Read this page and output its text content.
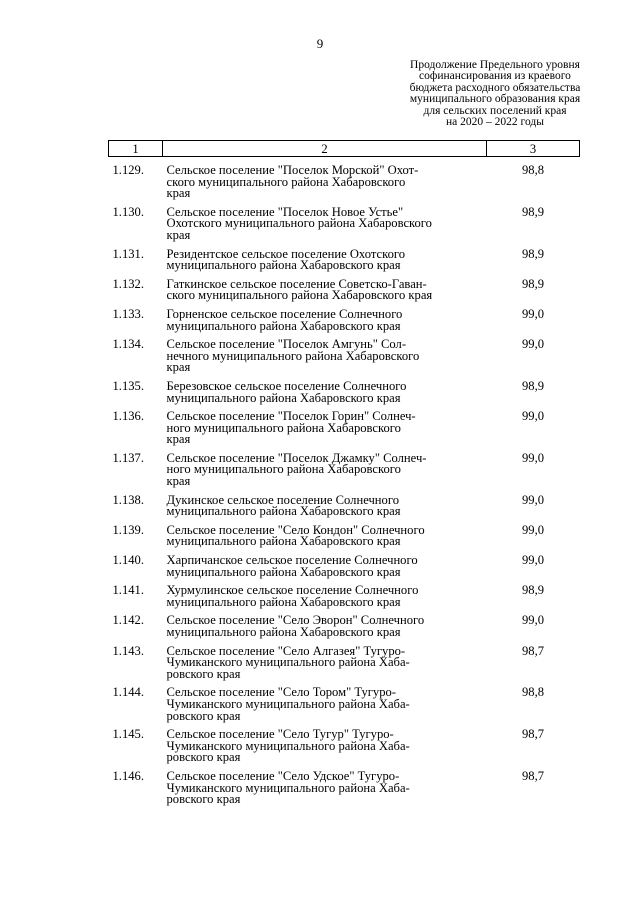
9
Продолжение Предельного уровня
софинансирования из краевого
бюджета расходного обязательства
муниципального образования края
для сельских поселений края
на 2020 – 2022 годы
1	2	3
1.129.	Сельское поселение "Поселок Морской" Охот-
ского муниципального района Хабаровского
края	98,8
1.130.	Сельское поселение "Поселок Новое Устье"
Охотского муниципального района Хабаровского
края	98,9
1.131.	Резидентское сельское поселение Охотского
муниципального района Хабаровского края	98,9
1.132.	Гаткинское сельское поселение Советско-Гаван-
ского муниципального района Хабаровского края	98,9
1.133.	Горненское сельское поселение Солнечного
муниципального района Хабаровского края	99,0
1.134.	Сельское поселение "Поселок Амгунь" Сол-
нечного муниципального района Хабаровского
края	99,0
1.135.	Березовское сельское поселение Солнечного
муниципального района Хабаровского края	98,9
1.136.	Сельское поселение "Поселок Горин" Солнеч-
ного муниципального района Хабаровского
края	99,0
1.137.	Сельское поселение "Поселок Джамку" Солнеч-
ного муниципального района Хабаровского
края	99,0
1.138.	Дукинское сельское поселение Солнечного
муниципального района Хабаровского края	99,0
1.139.	Сельское поселение "Село Кондон" Солнечного
муниципального района Хабаровского края	99,0
1.140.	Харпичанское сельское поселение Солнечного
муниципального района Хабаровского края	99,0
1.141.	Хурмулинское сельское поселение Солнечного
муниципального района Хабаровского края	98,9
1.142.	Сельское поселение "Село Эворон" Солнечного
муниципального района Хабаровского края	99,0
1.143.	Сельское поселение "Село Алгазея" Тугуро-
Чумиканского муниципального района Хаба-
ровского края	98,7
1.144.	Сельское поселение "Село Тором" Тугуро-
Чумиканского муниципального района Хаба-
ровского края	98,8
1.145.	Сельское поселение "Село Тугур" Тугуро-
Чумиканского муниципального района Хаба-
ровского края	98,7
1.146.	Сельское поселение "Село Удское" Тугуро-
Чумиканского муниципального района Хаба-
ровского края	98,7
